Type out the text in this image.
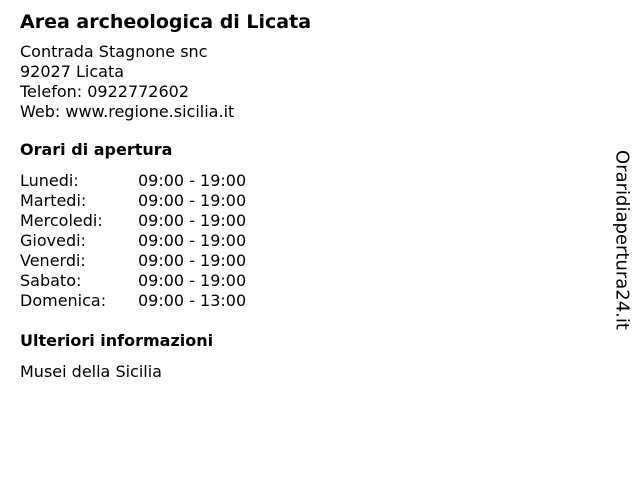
Area archeologica di Licata
Contrada Stagnone snc
92027 Licata
Telefon: 0922772602
Web: www.regione.sicilia.it
Orari di apertura
Lunedi:	09:00 - 19:00
Martedi:	09:00 - 19:00
Mercoledi: 09:00 - 19:00
Giovedi:	09:00 - 19:00
Venerdi:	09:00 - 19:00
Sabato:	09:00 - 19:00
Domenica: 09:00 - 13:00
Ulteriori informazioni
Musei della Sicilia
Oraridiapertura24.it
